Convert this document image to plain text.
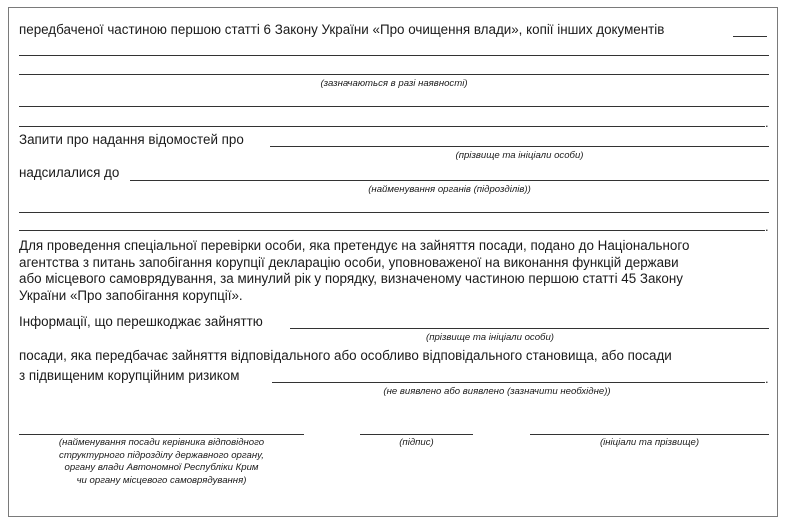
передбаченої частиною першою статті 6 Закону України «Про очищення влади», копії інших документів
(зазначаються в разі наявності)
.
Запити про надання відомостей про
(прізвище та ініціали особи)
надсилалися до
(найменування органів (підрозділів))
.
Для проведення спеціальної перевірки особи, яка претендує на зайняття посади, подано до Національного
агентства з питань запобігання корупції декларацію особи, уповноваженої на виконання функцій держави
або місцевого самоврядування, за минулий рік у порядку, визначеному частиною першою статті 45 Закону
України «Про запобігання корупції».
Інформації, що перешкоджає зайняттю
(прізвище та ініціали особи)
посади, яка передбачає зайняття відповідального або особливо відповідального становища, або посади
з підвищеним корупційним ризиком	.
(не виявлено або виявлено (зазначити необхідне))
(найменування посади керівника відповідного
структурного підрозділу державного органу,
органу влади Автономної Республіки Крим
чи органу місцевого самоврядування)
(підпис)	(ініціали та прізвище)
